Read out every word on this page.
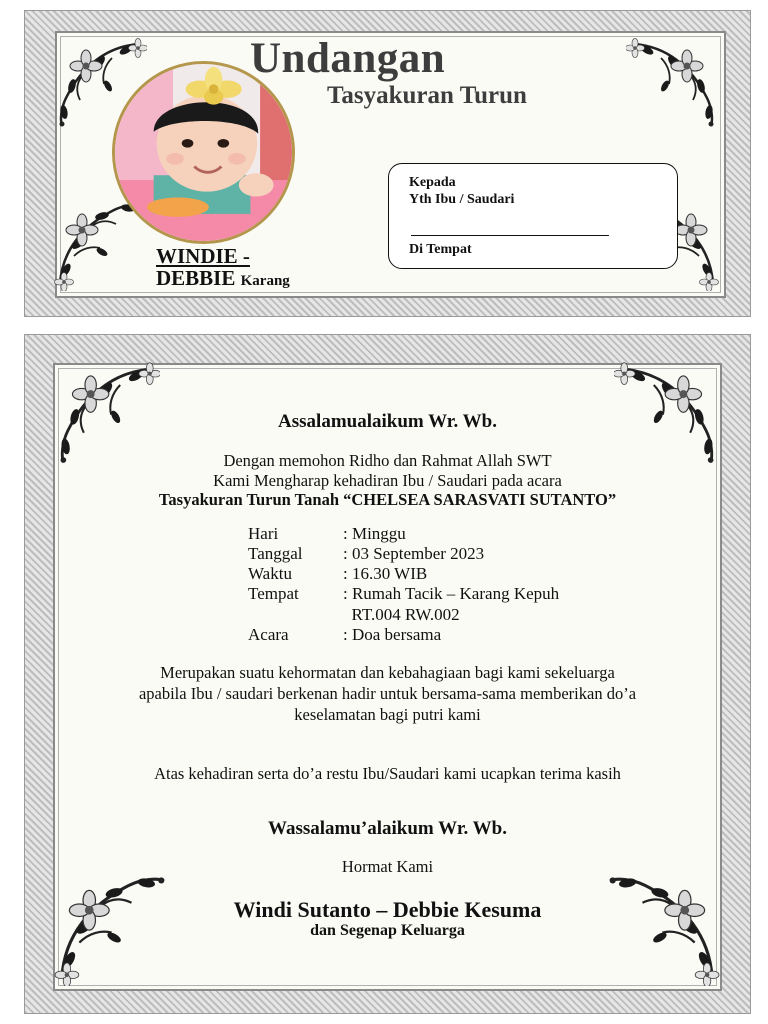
Undangan
Tasyakuran Turun
WINDIE -
DEBBIE Karang
Kepada
Yth Ibu / Saudari
Di Tempat
Assalamualaikum Wr. Wb.
Dengan memohon Ridho dan Rahmat Allah SWT
Kami Mengharap kehadiran Ibu / Saudari pada acara
Tasyakuran Turun Tanah “CHELSEA SARASVATI SUTANTO”
Hari	: Minggu
Tanggal : 03 September 2023
Waktu	: 16.30 WIB
Tempat	: Rumah Tacik – Karang Kepuh
RT.004 RW.002
Acara	: Doa bersama
Merupakan suatu kehormatan dan kebahagiaan bagi kami sekeluarga
apabila Ibu / saudari berkenan hadir untuk bersama-sama memberikan do’a
keselamatan bagi putri kami
Atas kehadiran serta do’a restu Ibu/Saudari kami ucapkan terima kasih
Wassalamu’alaikum Wr. Wb.
Hormat Kami
Windi Sutanto – Debbie Kesuma
dan Segenap Keluarga
